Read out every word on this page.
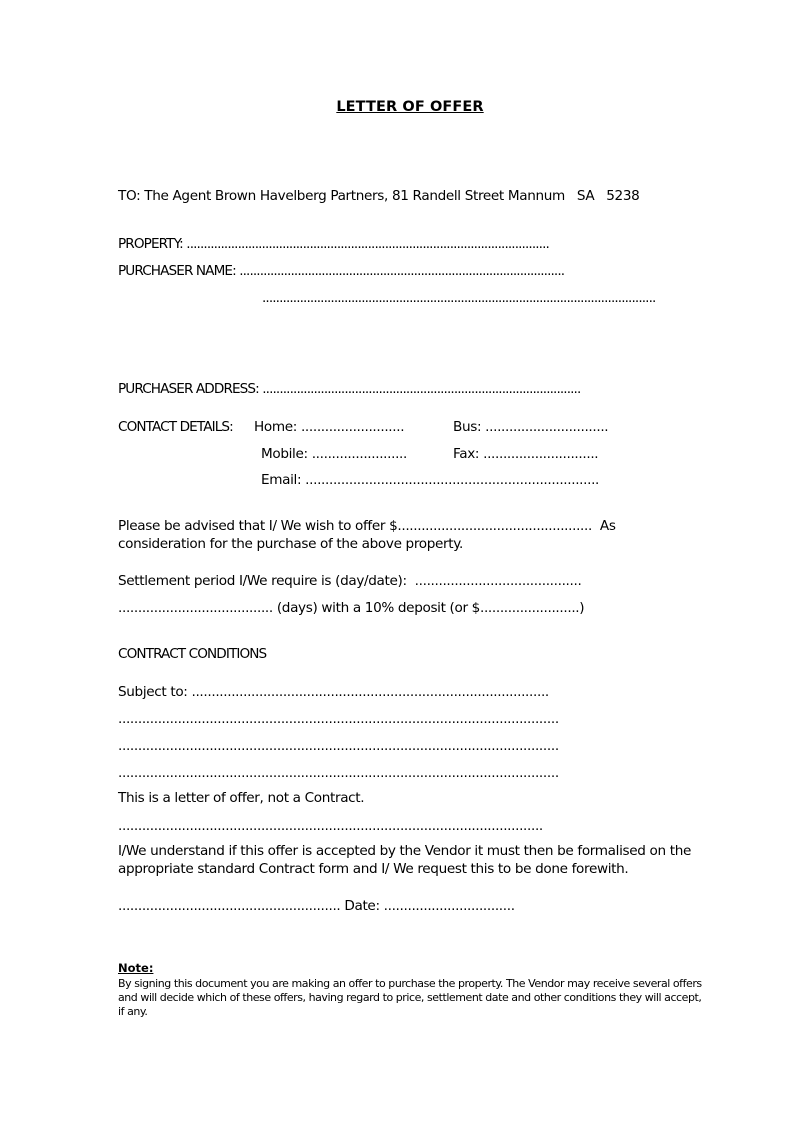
LETTER OF OFFER
TO: The Agent Brown Havelberg Partners, 81 Randell Street Mannum   SA   5238
PROPERTY: ..........................................................................................................
PURCHASER NAME: ...............................................................................................
...................................................................................................................
PURCHASER ADDRESS: .............................................................................................
CONTACT DETAILS: Home: ..........................	Bus: ...............................
Mobile: ........................	Fax: .............................
Email: ..........................................................................
Please be advised that I/ We wish to offer $.................................................  As
consideration for the purchase of the above property.
Settlement period I/We require is (day/date):  ..........................................
....................................... (days) with a 10% deposit (or $.........................)
CONTRACT CONDITIONS
Subject to: ..........................................................................................
...............................................................................................................
...............................................................................................................
...............................................................................................................
This is a letter of offer, not a Contract.
...........................................................................................................
I/We understand if this offer is accepted by the Vendor it must then be formalised on the
appropriate standard Contract form and I/ We request this to be done forewith.
........................................................ Date: .................................
Note:
By signing this document you are making an offer to purchase the property. The Vendor may receive several offers and will decide which of these offers, having regard to price, settlement date and other conditions they will accept, if any.
